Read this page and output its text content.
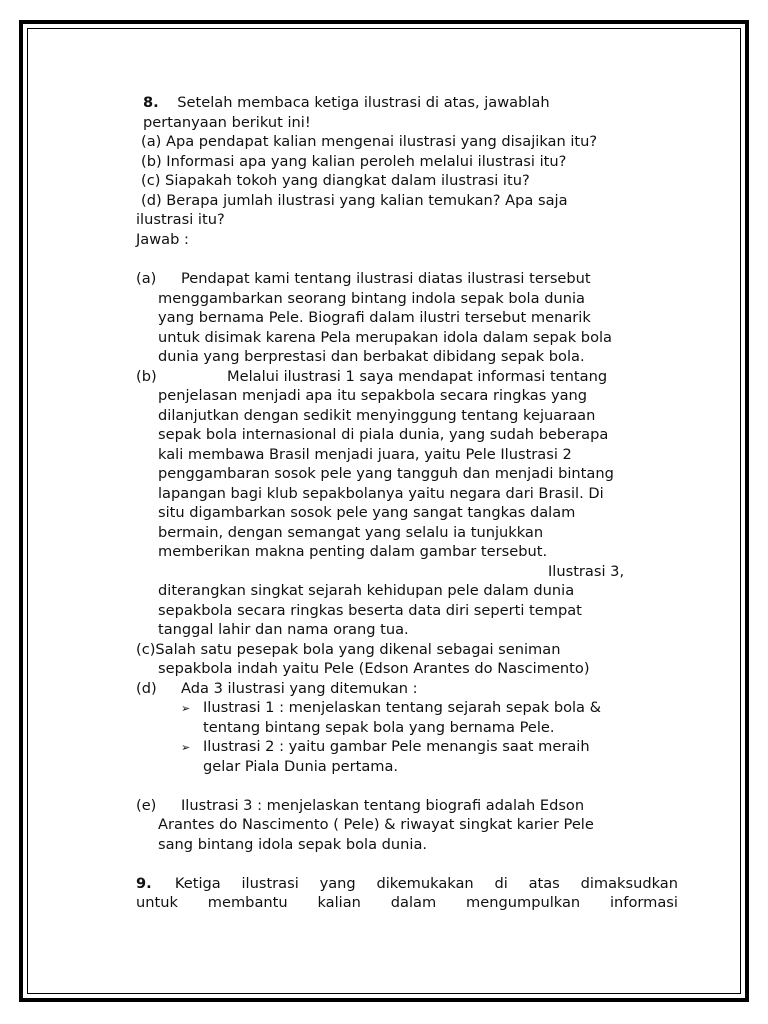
8. Setelah membaca ketiga ilustrasi di atas, jawablah
pertanyaan berikut ini!
(a) Apa pendapat kalian mengenai ilustrasi yang disajikan itu?
(b) Informasi apa yang kalian peroleh melalui ilustrasi itu?
(c) Siapakah tokoh yang diangkat dalam ilustrasi itu?
(d) Berapa jumlah ilustrasi yang kalian temukan? Apa saja
ilustrasi itu?
Jawab :
(a) Pendapat kami tentang ilustrasi diatas ilustrasi tersebut
menggambarkan seorang bintang indola sepak bola dunia
yang bernama Pele. Biografi dalam ilustri tersebut menarik
untuk disimak karena Pela merupakan idola dalam sepak bola
dunia yang berprestasi dan berbakat dibidang sepak bola.
(b)	Melalui ilustrasi 1 saya mendapat informasi tentang
penjelasan menjadi apa itu sepakbola secara ringkas yang
dilanjutkan dengan sedikit menyinggung tentang kejuaraan
sepak bola internasional di piala dunia, yang sudah beberapa
kali membawa Brasil menjadi juara, yaitu Pele Ilustrasi 2
penggambaran sosok pele yang tangguh dan menjadi bintang
lapangan bagi klub sepakbolanya yaitu negara dari Brasil. Di
situ digambarkan sosok pele yang sangat tangkas dalam
bermain, dengan semangat yang selalu ia tunjukkan
memberikan makna penting dalam gambar tersebut.
Ilustrasi 3,
diterangkan singkat sejarah kehidupan pele dalam dunia
sepakbola secara ringkas beserta data diri seperti tempat
tanggal lahir dan nama orang tua.
(c)Salah satu pesepak bola yang dikenal sebagai seniman
sepakbola indah yaitu Pele (Edson Arantes do Nascimento)
(d) Ada 3 ilustrasi yang ditemukan :
➢ Ilustrasi 1 : menjelaskan tentang sejarah sepak bola &
tentang bintang sepak bola yang bernama Pele.
➢ Ilustrasi 2 : yaitu gambar Pele menangis saat meraih
gelar Piala Dunia pertama.
(e) Ilustrasi 3 : menjelaskan tentang biografi adalah Edson
Arantes do Nascimento ( Pele) & riwayat singkat karier Pele
sang bintang idola sepak bola dunia.
9. Ketiga ilustrasi yang dikemukakan di atas dimaksudkan
untuk membantu kalian dalam mengumpulkan informasi
